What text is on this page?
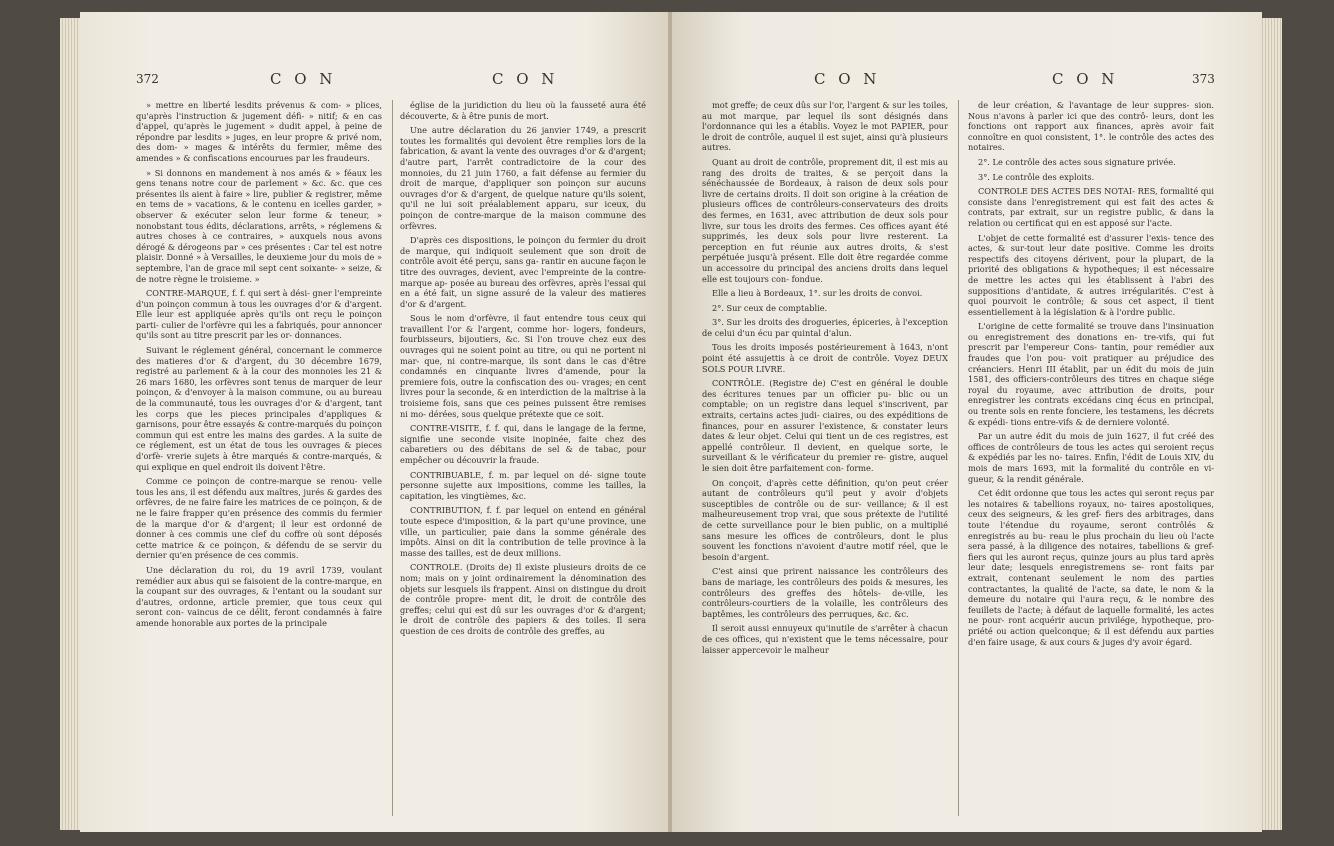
372	C O N	C O N

» mettre en liberté lesdits prévenus & com- » plices, qu'après l'instruction & jugement défi- » nitif; & en cas d'appel, qu'après le jugement » dudit appel, à peine de répondre par lesdits » juges, en leur propre & privé nom, des dom- » mages & intérêts du fermier, même des amendes » & confiscations encourues par les fraudeurs.

» Si donnons en mandement à nos amés & » féaux les gens tenans notre cour de parlement » &c. &c. que ces présentes ils aient à faire » lire, publier & registrer, même en tems de » vacations, & le contenu en icelles garder, » observer & exécuter selon leur forme & teneur, » nonobstant tous édits, déclarations, arrêts, » réglemens & autres choses à ce contraires, » auxquels nous avons dérogé & dérogeons par » ces présentes : Car tel est notre plaisir. Donné » à Versailles, le deuxieme jour du mois de » septembre, l'an de grace mil sept cent soixante- » seize, & de notre règne le troisieme. »

CONTRE-MARQUE, f. f. qui sert à dési- gner l'empreinte d'un poinçon commun à tous les ouvrages d'or & d'argent. Elle leur est appliquée après qu'ils ont reçu le poinçon parti- culier de l'orfèvre qui les a fabriqués, pour annoncer qu'ils sont au titre prescrit par les or- donnances.

Suivant le réglement général, concernant le commerce des matieres d'or & d'argent, du 30 décembre 1679, registré au parlement & à la cour des monnoies les 21 & 26 mars 1680, les orfèvres sont tenus de marquer de leur poinçon, & d'envoyer à la maison commune, ou au bureau de la communauté, tous les ouvrages d'or & d'argent, tant les corps que les pieces principales d'appliques & garnisons, pour être essayés & contre-marqués du poinçon commun qui est entre les mains des gardes. A la suite de ce réglement, est un état de tous les ouvrages & pieces d'orfè- vrerie sujets à être marqués & contre-marqués, & qui explique en quel endroit ils doivent l'être.

Comme ce poinçon de contre-marque se renou- velle tous les ans, il est défendu aux maîtres, jurés & gardes des orfèvres, de ne faire faire les matrices de ce poinçon, & de ne le faire frapper qu'en présence des commis du fermier de la marque d'or & d'argent; il leur est ordonné de donner à ces commis une clef du coffre où sont déposés cette matrice & ce poinçon, & défendu de se servir du dernier qu'en présence de ces commis.

Une déclaration du roi, du 19 avril 1739, voulant remédier aux abus qui se faisoient de la contre-marque, en la coupant sur des ouvrages, & l'entant ou la soudant sur d'autres, ordonne, article premier, que tous ceux qui seront con- vaincus de ce délit, feront condamnés à faire amende honorable aux portes de la principale

église de la juridiction du lieu où la fausseté aura été découverte, & à être punis de mort.

Une autre déclaration du 26 janvier 1749, a prescrit toutes les formalités qui devoient être remplies lors de la fabrication, & avant la vente des ouvrages d'or & d'argent; d'autre part, l'arrêt contradictoire de la cour des monnoies, du 21 juin 1760, a fait défense au fermier du droit de marque, d'appliquer son poinçon sur aucuns ouvrages d'or & d'argent, de quelque nature qu'ils soient, qu'il ne lui soit préalablement apparu, sur iceux, du poinçon de contre-marque de la maison commune des orfèvres.

D'après ces dispositions, le poinçon du fermier du droit de marque, qui indiquoit seulement que son droit de contrôle avoit été perçu, sans ga- rantir en aucune façon le titre des ouvrages, devient, avec l'empreinte de la contre-marque ap- posée au bureau des orfèvres, après l'essai qui en a été fait, un signe assuré de la valeur des matieres d'or & d'argent.

Sous le nom d'orfèvre, il faut entendre tous ceux qui travaillent l'or & l'argent, comme hor- logers, fondeurs, fourbisseurs, bijoutiers, &c. Si l'on trouve chez eux des ouvrages qui ne soient point au titre, ou qui ne portent ni mar- que, ni contre-marque, ils sont dans le cas d'être condamnés en cinquante livres d'amende, pour la premiere fois, outre la confiscation des ou- vrages; en cent livres pour la seconde, & en interdiction de la maîtrise à la troisieme fois, sans que ces peines puissent être remises ni mo- dérées, sous quelque prétexte que ce soit.

CONTRE-VISITE, f. f. qui, dans le langage de la ferme, signifie une seconde visite inopinée, faite chez des cabaretiers ou des débitans de sel & de tabac, pour empêcher ou découvrir la fraude.

CONTRIBUABLE, f. m. par lequel on dé- signe toute personne sujette aux impositions, comme les tailles, la capitation, les vingtièmes, &c.

CONTRIBUTION, f. f. par lequel on entend en général toute espece d'imposition, & la part qu'une province, une ville, un particulier, paie dans la somme générale des impôts. Ainsi on dit la contribution de telle province à la masse des tailles, est de deux millions.

CONTROLE. (Droits de) Il existe plusieurs droits de ce nom; mais on y joint ordinairement la dénomination des objets sur lesquels ils frappent. Ainsi on distingue du droit de contrôle propre- ment dit, le droit de contrôle des greffes; celui qui est dû sur les ouvrages d'or & d'argent; le droit de contrôle des papiers & des toiles. Il sera question de ces droits de contrôle des greffes, au

C O N	C O N	373

mot greffe; de ceux dûs sur l'or, l'argent & sur les toiles, au mot marque, par lequel ils sont désignés dans l'ordonnance qui les a établis. Voyez le mot PAPIER, pour le droit de contrôle, auquel il est sujet, ainsi qu'à plusieurs autres.

Quant au droit de contrôle, proprement dit, il est mis au rang des droits de traites, & se perçoit dans la sénéchaussée de Bordeaux, à raison de deux sols pour livre de certains droits. Il doit son origine à la création de plusieurs offices de contrôleurs-conservateurs des droits des fermes, en 1631, avec attribution de deux sols pour livre, sur tous les droits des fermes. Ces offices ayant été supprimés, les deux sols pour livre resterent. La perception en fut réunie aux autres droits, & s'est perpétuée jusqu'à présent. Elle doit être regardée comme un accessoire du principal des anciens droits dans lequel elle est toujours con- fondue.

Elle a lieu à Bordeaux, 1°. sur les droits de convoi.

2°. Sur ceux de comptablie.

3°. Sur les droits des drogueries, épiceries, à l'exception de celui d'un écu par quintal d'alun.

Tous les droits imposés postérieurement à 1643, n'ont point été assujettis à ce droit de contrôle. Voyez DEUX SOLS POUR LIVRE.

CONTRÔLE. (Registre de) C'est en général le double des écritures tenues par un officier pu- blic ou un comptable; on un registre dans lequel s'inscrivent, par extraits, certains actes judi- ciaires, ou des expéditions de finances, pour en assurer l'existence, & constater leurs dates & leur objet. Celui qui tient un de ces registres, est appellé contrôleur. Il devient, en quelque sorte, le surveillant & le vérificateur du premier re- gistre, auquel le sien doit être parfaitement con- forme.

On conçoit, d'après cette définition, qu'on peut créer autant de contrôleurs qu'il peut y avoir d'objets susceptibles de contrôle ou de sur- veillance; & il est malheureusement trop vrai, que sous prétexte de l'utilité de cette surveillance pour le bien public, on a multiplié sans mesure les offices de contrôleurs, dont le plus souvent les fonctions n'avoient d'autre motif réel, que le besoin d'argent.

C'est ainsi que prirent naissance les contrôleurs des bans de mariage, les contrôleurs des poids & mesures, les contrôleurs des greffes des hôtels- de-ville, les contrôleurs-courtiers de la volaille, les contrôleurs des baptêmes, les contrôleurs des perruques, &c. &c.

Il seroit aussi ennuyeux qu'inutile de s'arrêter à chacun de ces offices, qui n'existent que le tems nécessaire, pour laisser appercevoir le malheur

de leur création, & l'avantage de leur suppres- sion. Nous n'avons à parler ici que des contrô- leurs, dont les fonctions ont rapport aux finances, après avoir fait connoître en quoi consistent, 1°. le contrôle des actes des notaires.

2°. Le contrôle des actes sous signature privée.

3°. Le contrôle des exploits.

CONTROLE DES ACTES DES NOTAI- RES, formalité qui consiste dans l'enregistrement qui est fait des actes & contrats, par extrait, sur un registre public, & dans la relation ou certificat qui en est apposé sur l'acte.

L'objet de cette formalité est d'assurer l'exis- tence des actes, & sur-tout leur date positive. Comme les droits respectifs des citoyens dérivent, pour la plupart, de la priorité des obligations & hypotheques; il est nécessaire de mettre les actes qui les établissent à l'abri des suppositions d'antidate, & autres irrégularités. C'est à quoi pourvoit le contrôle; & sous cet aspect, il tient essentiellement à la législation & à l'ordre public.

L'origine de cette formalité se trouve dans l'insinuation ou enregistrement des donations en- tre-vifs, qui fut prescrit par l'empereur Cons- tantin, pour remédier aux fraudes que l'on pou- voit pratiquer au préjudice des créanciers. Henri III établit, par un édit du mois de juin 1581, des officiers-contrôleurs des titres en chaque siége royal du royaume, avec attribution de droits, pour enregistrer les contrats excédans cinq écus en principal, ou trente sols en rente fonciere, les testamens, les décrets & expédi- tions entre-vifs & de derniere volonté.

Par un autre édit du mois de juin 1627, il fut créé des offices de contrôleurs de tous les actes qui seroient reçus & expédiés par les no- taires. Enfin, l'édit de Louis XIV, du mois de mars 1693, mit la formalité du contrôle en vi- gueur, & la rendit générale.

Cet édit ordonne que tous les actes qui seront reçus par les notaires & tabellions royaux, no- taires apostoliques, ceux des seigneurs, & les gref- fiers des arbitrages, dans toute l'étendue du royaume, seront contrôlés & enregistrés au bu- reau le plus prochain du lieu où l'acte sera passé, à la diligence des notaires, tabellions & gref- fiers qui les auront reçus, quinze jours au plus tard après leur date; lesquels enregistremens se- ront faits par extrait, contenant seulement le nom des parties contractantes, la qualité de l'acte, sa date, le nom & la demeure du notaire qui l'aura reçu, & le nombre des feuillets de l'acte; à défaut de laquelle formalité, les actes ne pour- ront acquérir aucun privilége, hypotheque, pro- priété ou action quelconque; & il est défendu aux parties d'en faire usage, & aux cours & juges d'y avoir égard.
